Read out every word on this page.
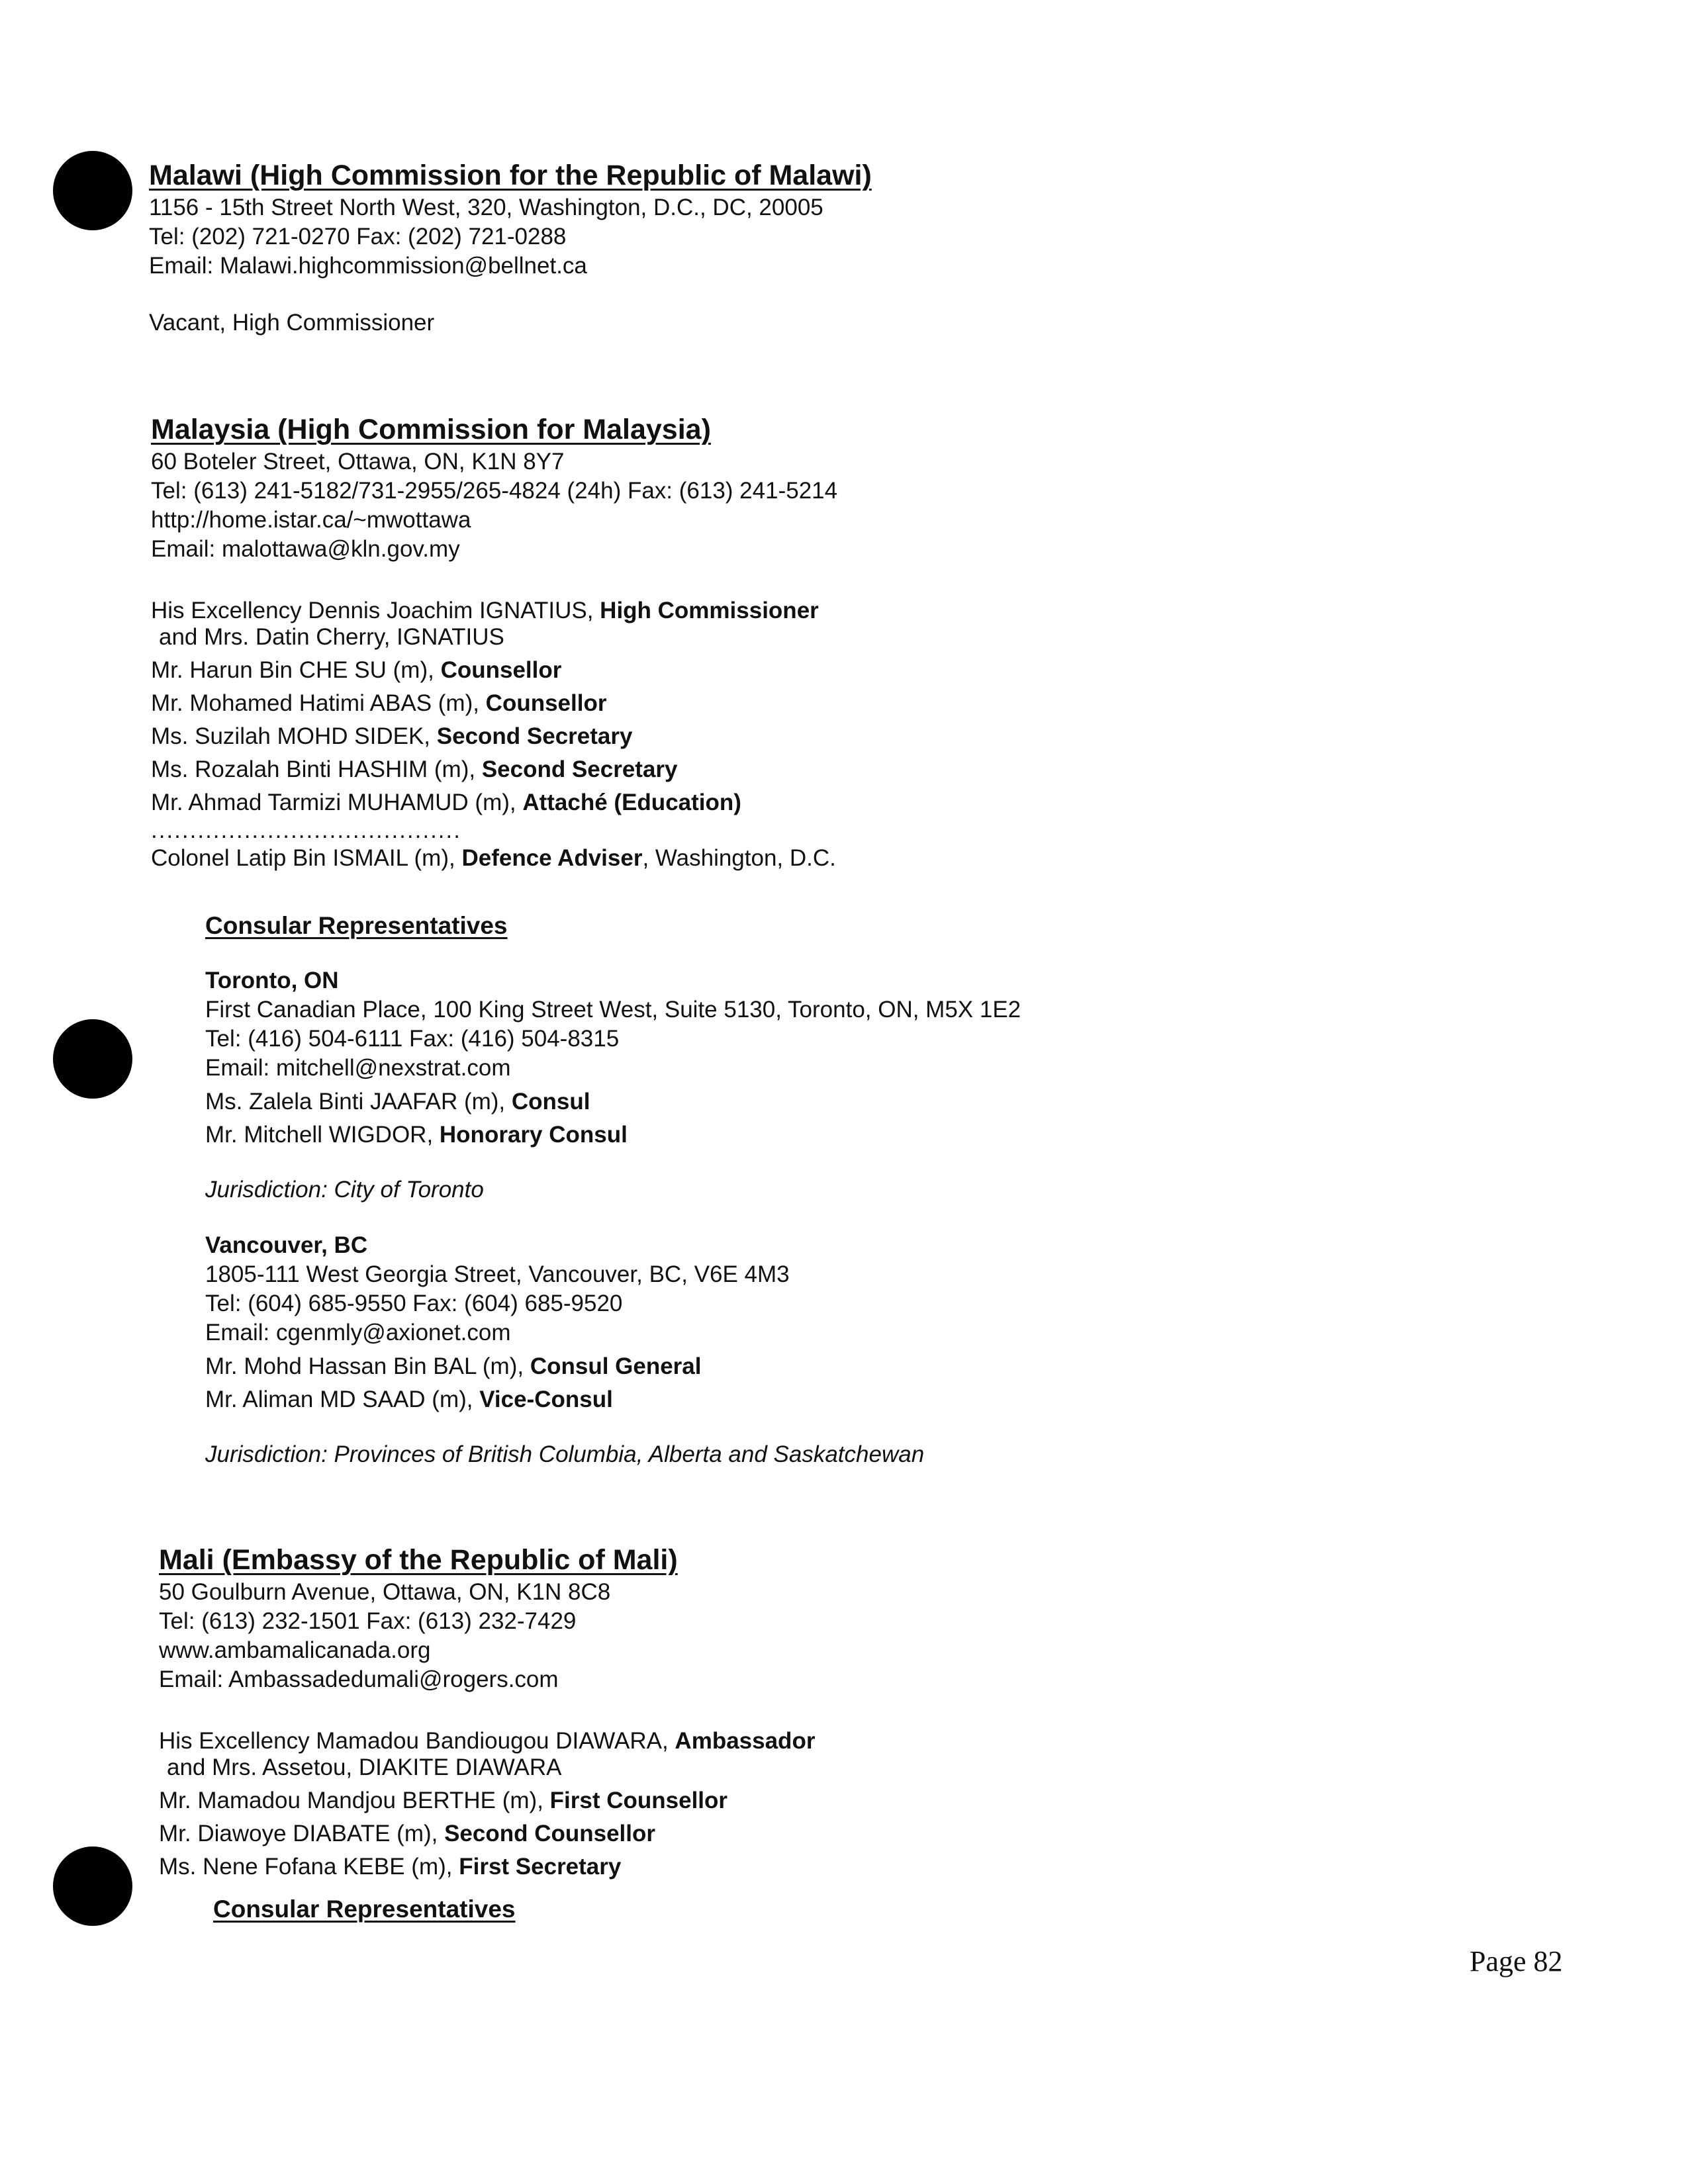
Malawi (High Commission for the Republic of Malawi)
1156 - 15th Street North West, 320, Washington, D.C., DC, 20005
Tel: (202) 721-0270 Fax: (202) 721-0288
Email: Malawi.highcommission@bellnet.ca
Vacant, High Commissioner
Malaysia (High Commission for Malaysia)
60 Boteler Street, Ottawa, ON, K1N 8Y7
Tel: (613) 241-5182/731-2955/265-4824 (24h) Fax: (613) 241-5214
http://home.istar.ca/~mwottawa
Email: malottawa@kln.gov.my
His Excellency Dennis Joachim IGNATIUS, High Commissioner
and Mrs. Datin Cherry, IGNATIUS
Mr. Harun Bin CHE SU (m), Counsellor
Mr. Mohamed Hatimi ABAS (m), Counsellor
Ms. Suzilah MOHD SIDEK, Second Secretary
Ms. Rozalah Binti HASHIM (m), Second Secretary
Mr. Ahmad Tarmizi MUHAMUD (m), Attaché (Education)
........................................
Colonel Latip Bin ISMAIL (m), Defence Adviser, Washington, D.C.
Consular Representatives
Toronto, ON
First Canadian Place, 100 King Street West, Suite 5130, Toronto, ON, M5X 1E2
Tel: (416) 504-6111 Fax: (416) 504-8315
Email: mitchell@nexstrat.com
Ms. Zalela Binti JAAFAR (m), Consul
Mr. Mitchell WIGDOR, Honorary Consul
Jurisdiction: City of Toronto
Vancouver, BC
1805-111 West Georgia Street, Vancouver, BC, V6E 4M3
Tel: (604) 685-9550 Fax: (604) 685-9520
Email: cgenmly@axionet.com
Mr. Mohd Hassan Bin BAL (m), Consul General
Mr. Aliman MD SAAD (m), Vice-Consul
Jurisdiction: Provinces of British Columbia, Alberta and Saskatchewan
Mali (Embassy of the Republic of Mali)
50 Goulburn Avenue, Ottawa, ON, K1N 8C8
Tel: (613) 232-1501 Fax: (613) 232-7429
www.ambamalicanada.org
Email: Ambassadedumali@rogers.com
His Excellency Mamadou Bandiougou DIAWARA, Ambassador
and Mrs. Assetou, DIAKITE DIAWARA
Mr. Mamadou Mandjou BERTHE (m), First Counsellor
Mr. Diawoye DIABATE (m), Second Counsellor
Ms. Nene Fofana KEBE (m), First Secretary
Consular Representatives
Page 82
